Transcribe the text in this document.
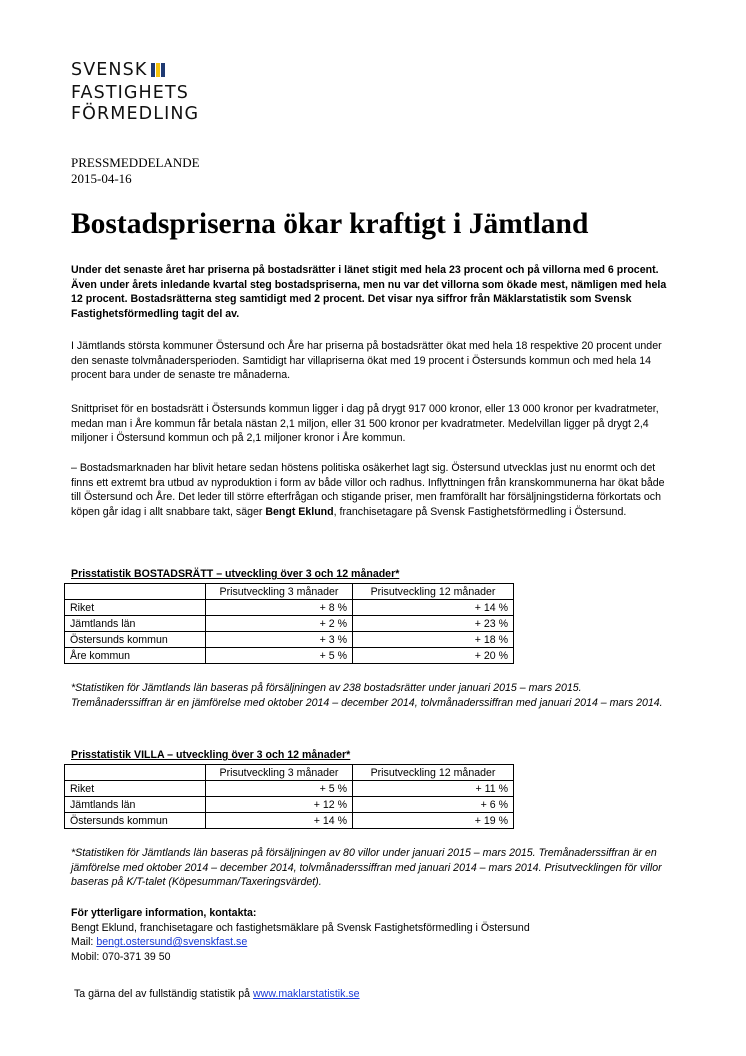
SVENSK
FASTIGHETS
FÖRMEDLING
PRESSMEDDELANDE
2015-04-16
Bostadspriserna ökar kraftigt i Jämtland

Under det senaste året har priserna på bostadsrätter i länet stigit med hela 23 procent och på villorna med 6 procent. Även under årets inledande kvartal steg bostadspriserna, men nu var det villorna som ökade mest, nämligen med hela 12 procent. Bostadsrätterna steg samtidigt med 2 procent. Det visar nya siffror från Mäklarstatistik som Svensk Fastighetsförmedling tagit del av.

I Jämtlands största kommuner Östersund och Åre har priserna på bostadsrätter ökat med hela 18 respektive 20 procent under den senaste tolvmånadersperioden. Samtidigt har villapriserna ökat med 19 procent i Östersunds kommun och med hela 14 procent bara under de senaste tre månaderna.

Snittpriset för en bostadsrätt i Östersunds kommun ligger i dag på drygt 917 000 kronor, eller 13 000 kronor per kvadratmeter, medan man i Åre kommun får betala nästan 2,1 miljon, eller 31 500 kronor per kvadratmeter. Medelvillan ligger på drygt 2,4 miljoner i Östersund kommun och på 2,1 miljoner kronor i Åre kommun.

– Bostadsmarknaden har blivit hetare sedan höstens politiska osäkerhet lagt sig. Östersund utvecklas just nu enormt och det finns ett extremt bra utbud av nyproduktion i form av både villor och radhus. Inflyttningen från kranskommunerna har ökat både till Östersund och Åre. Det leder till större efterfrågan och stigande priser, men framförallt har försäljningstiderna förkortats och köpen går idag i allt snabbare takt, säger Bengt Eklund, franchisetagare på Svensk Fastighetsförmedling i Östersund.

Prisstatistik BOSTADSRÄTT – utveckling över 3 och 12 månader*
	Prisutveckling 3 månader	Prisutveckling 12 månader
Riket	+ 8 %	+ 14 %
Jämtlands län	+ 2 %	+ 23 %
Östersunds kommun	+ 3 %	+ 18 %
Åre kommun	+ 5 %	+ 20 %
*Statistiken för Jämtlands län baseras på försäljningen av 238 bostadsrätter under januari 2015 – mars 2015. Tremånaderssiffran är en jämförelse med oktober 2014 – december 2014, tolvmånaderssiffran med januari 2014 – mars 2014.
Prisstatistik VILLA – utveckling över 3 och 12 månader*
	Prisutveckling 3 månader	Prisutveckling 12 månader
Riket	+ 5 %	+ 11 %
Jämtlands län	+ 12 %	+ 6 %
Östersunds kommun	+ 14 %	+ 19 %
*Statistiken för Jämtlands län baseras på försäljningen av 80 villor under januari 2015 – mars 2015. Tremånaderssiffran är en jämförelse med oktober 2014 – december 2014, tolvmånaderssiffran med januari 2014 – mars 2014. Prisutvecklingen för villor baseras på K/T-talet (Köpesumman/Taxeringsvärdet).
För ytterligare information, kontakta:
Bengt Eklund, franchisetagare och fastighetsmäklare på Svensk Fastighetsförmedling i Östersund
Mail: bengt.ostersund@svenskfast.se
Mobil: 070-371 39 50
Ta gärna del av fullständig statistik på www.maklarstatistik.se
